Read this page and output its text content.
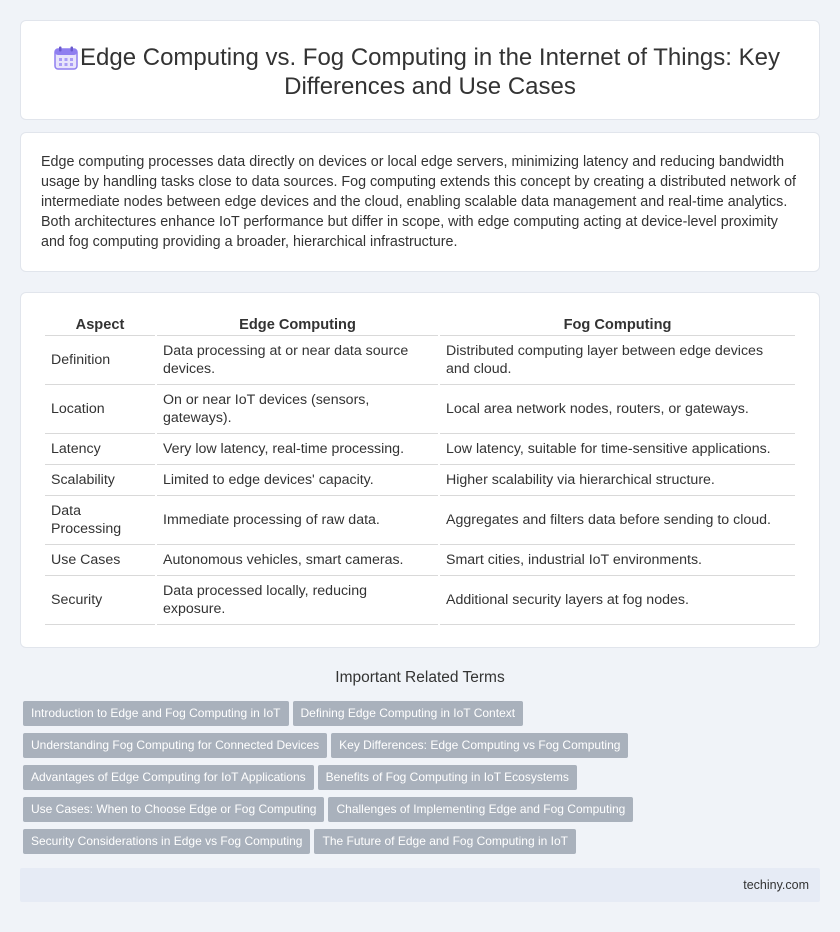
Edge Computing vs. Fog Computing in the Internet of Things: Key Differences and Use Cases

Edge computing processes data directly on devices or local edge servers, minimizing latency and reducing bandwidth usage by handling tasks close to data sources. Fog computing extends this concept by creating a distributed network of intermediate nodes between edge devices and the cloud, enabling scalable data management and real-time analytics. Both architectures enhance IoT performance but differ in scope, with edge computing acting at device-level proximity and fog computing providing a broader, hierarchical infrastructure.

Aspect	Edge Computing	Fog Computing
Definition	Data processing at or near data source devices.	Distributed computing layer between edge devices and cloud.
Location	On or near IoT devices (sensors, gateways).	Local area network nodes, routers, or gateways.
Latency	Very low latency, real-time processing.	Low latency, suitable for time-sensitive applications.
Scalability	Limited to edge devices' capacity.	Higher scalability via hierarchical structure.
Data Processing	Immediate processing of raw data.	Aggregates and filters data before sending to cloud.
Use Cases	Autonomous vehicles, smart cameras.	Smart cities, industrial IoT environments.
Security	Data processed locally, reducing exposure.	Additional security layers at fog nodes.
Important Related Terms
Introduction to Edge and Fog Computing in IoT Defining Edge Computing in IoT Context
Understanding Fog Computing for Connected Devices Key Differences: Edge Computing vs Fog Computing
Advantages of Edge Computing for IoT Applications Benefits of Fog Computing in IoT Ecosystems
Use Cases: When to Choose Edge or Fog Computing Challenges of Implementing Edge and Fog Computing
Security Considerations in Edge vs Fog Computing The Future of Edge and Fog Computing in IoT
techiny.com
